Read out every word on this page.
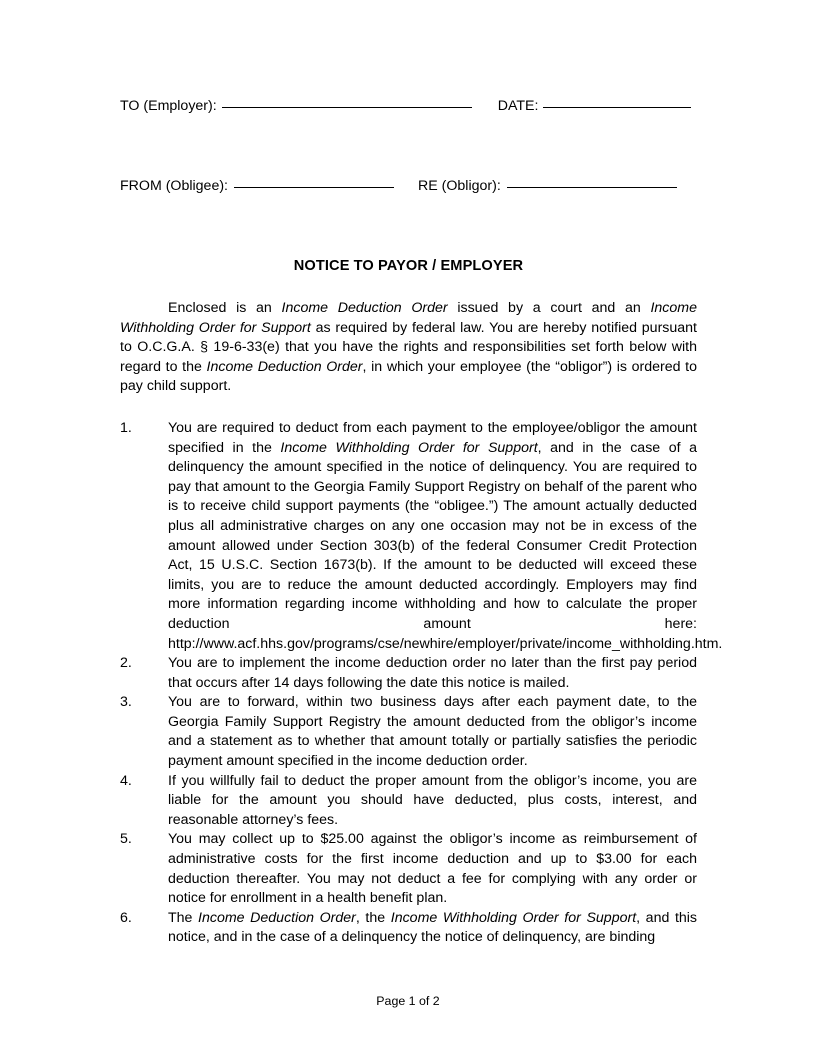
TO (Employer):	DATE:
FROM (Obligee):	RE (Obligor):
NOTICE TO PAYOR / EMPLOYER

Enclosed is an Income Deduction Order issued by a court and an Income Withholding Order for Support as required by federal law. You are hereby notified pursuant to O.C.G.A. § 19-6-33(e) that you have the rights and responsibilities set forth below with regard to the Income Deduction Order, in which your employee (the “obligor”) is ordered to pay child support.

1.	You are required to deduct from each payment to the employee/obligor the amount specified in the Income Withholding Order for Support, and in the case of a delinquency the amount specified in the notice of delinquency. You are required to pay that amount to the Georgia Family Support Registry on behalf of the parent who is to receive child support payments (the “obligee.”) The amount actually deducted plus all administrative charges on any one occasion may not be in excess of the amount allowed under Section 303(b) of the federal Consumer Credit Protection Act, 15 U.S.C. Section 1673(b). If the amount to be deducted will exceed these limits, you are to reduce the amount deducted accordingly. Employers may find more information regarding income withholding and how to calculate the proper deduction amount here: http://www.acf.hhs.gov/programs/cse/newhire/employer/private/income_withholding.htm.
2.	You are to implement the income deduction order no later than the first pay period that occurs after 14 days following the date this notice is mailed.
3.	You are to forward, within two business days after each payment date, to the Georgia Family Support Registry the amount deducted from the obligor’s income and a statement as to whether that amount totally or partially satisfies the periodic payment amount specified in the income deduction order.
4.	If you willfully fail to deduct the proper amount from the obligor’s income, you are liable for the amount you should have deducted, plus costs, interest, and reasonable attorney’s fees.
5.	You may collect up to $25.00 against the obligor’s income as reimbursement of administrative costs for the first income deduction and up to $3.00 for each deduction thereafter. You may not deduct a fee for complying with any order or notice for enrollment in a health benefit plan.
6.	The Income Deduction Order, the Income Withholding Order for Support, and this notice, and in the case of a delinquency the notice of delinquency, are binding
Page 1 of 2
